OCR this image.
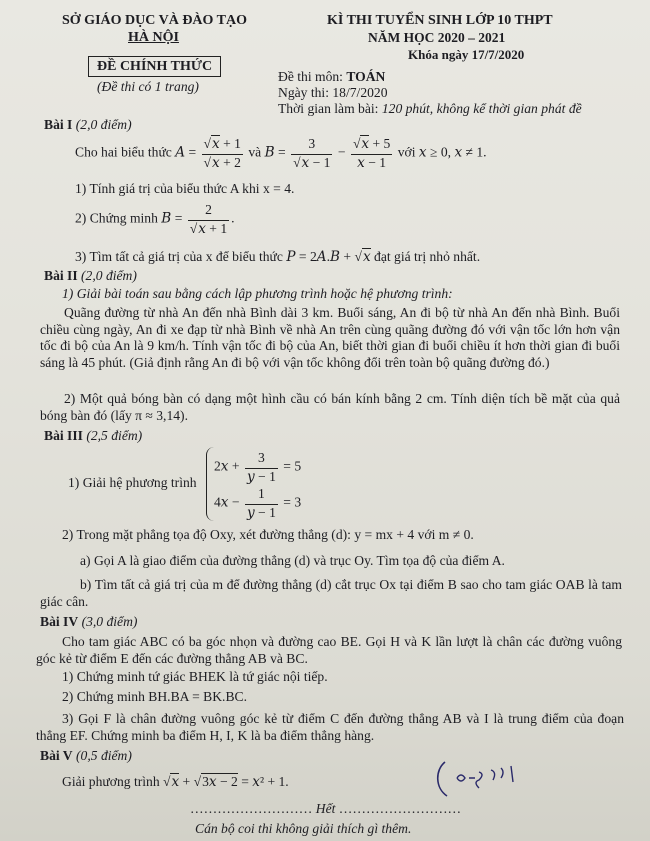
SỞ GIÁO DỤC VÀ ĐÀO TẠO
HÀ NỘI
ĐỀ CHÍNH THỨC
(Đề thi có 1 trang)
KÌ THI TUYỂN SINH LỚP 10 THPT
NĂM HỌC 2020 – 2021
Khóa ngày 17/7/2020
Đề thi môn: TOÁN
Ngày thi: 18/7/2020
Thời gian làm bài: 120 phút, không kể thời gian phát đề
Bài I (2,0 điểm)
Cho hai biểu thức $A = \frac{√x + 1}{√x + 2}$ và $B = \frac{3}{√x - 1} - \frac{√x + 5}{x - 1}$ với x ≥ 0, x ≠ 1.
1) Tính giá trị của biểu thức A khi x = 4.
2) Chứng minh $B = \frac{2}{√x + 1}$ .
3) Tìm tất cả giá trị của x để biểu thức P = 2A.B + √x đạt giá trị nhỏ nhất.
Bài II (2,0 điểm)
1) Giải bài toán sau bằng cách lập phương trình hoặc hệ phương trình:
Quãng đường từ nhà An đến nhà Bình dài 3 km. Buổi sáng, An đi bộ từ nhà An đến nhà Bình. Buổi chiều cùng ngày, An đi xe đạp từ nhà Bình về nhà An trên cùng quãng đường đó với vận tốc lớn hơn vận tốc đi bộ của An là 9 km/h. Tính vận tốc đi bộ của An, biết thời gian đi buổi chiều ít hơn thời gian đi buổi sáng là 45 phút. (Giả định rằng An đi bộ với vận tốc không đổi trên toàn bộ quãng đường đó.)
2) Một quả bóng bàn có dạng một hình cầu có bán kính bằng 2 cm. Tính diện tích bề mặt của quả bóng bàn đó (lấy π ≈ 3,14).
Bài III (2,5 điểm)
1) Giải hệ phương trình
$2x + \frac{3}{y - 1} = 5$
$4x - \frac{1}{y - 1} = 3$
2) Trong mặt phẳng tọa độ Oxy, xét đường thẳng (d): y = mx + 4 với m ≠ 0.
a) Gọi A là giao điểm của đường thẳng (d) và trục Oy. Tìm tọa độ của điểm A.
b) Tìm tất cả giá trị của m để đường thẳng (d) cắt trục Ox tại điểm B sao cho tam giác OAB là tam giác cân.
Bài IV (3,0 điểm)
Cho tam giác ABC có ba góc nhọn và đường cao BE. Gọi H và K lần lượt là chân các đường vuông góc kẻ từ điểm E đến các đường thẳng AB và BC.
1) Chứng minh tứ giác BHEK là tứ giác nội tiếp.
2) Chứng minh BH.BA = BK.BC.
3) Gọi F là chân đường vuông góc kẻ từ điểm C đến đường thẳng AB và I là trung điểm của đoạn thẳng EF. Chứng minh ba điểm H, I, K là ba điểm thẳng hàng.
Bài V (0,5 điểm)
Giải phương trình √x + √3x − 2 = x² + 1.
……………………… Hết ………………………
Cán bộ coi thi không giải thích gì thêm.
